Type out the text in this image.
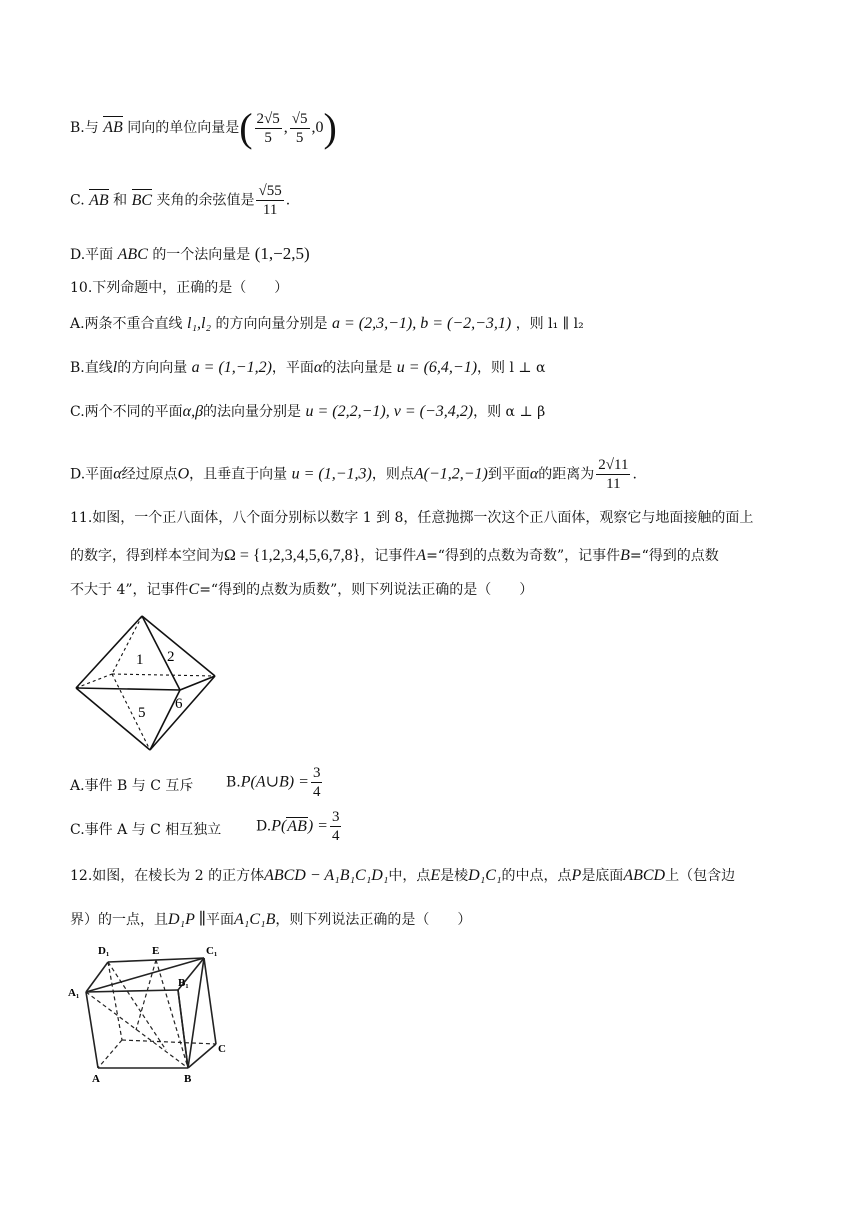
B.与 AB 同向的单位向量是( $\frac{2√5}{5}$ , $\frac{√5}{5} ,0$)
C. AB 和 BC 夹角的余弦值是 $\frac{√55}{11}$ .
D.平面 ABC 的一个法向量是 (1,−2,5)
10.下列命题中，正确的是（　　）
A.两条不重合直线 l₁,l₂ 的方向向量分别是 a = (2,3,−1), b = (−2,−3,1) ，则 l₁ ∥ l₂
B.直线l的方向向量 a = (1,−1,2)，平面α的法向量是 u = (6,4,−1)，则 l ⊥ α
C.两个不同的平面α,β的法向量分别是 u = (2,2,−1), v = (−3,4,2)，则 α ⊥ β
D.平面α经过原点O，且垂直于向量 u = (1,−1,3)，则点A(−1,2,−1)到平面α的距离为 $\frac{2√11}{11}$ .
11.如图，一个正八面体，八个面分别标以数字 1 到 8，任意抛掷一次这个正八面体，观察它与地面接触的面上
的数字，得到样本空间为Ω = {1,2,3,4,5,6,7,8}，记事件A=“得到的点数为奇数”，记事件B=“得到的点数
不大于 4”，记事件C=“得到的点数为质数”，则下列说法正确的是（　　）
1 2
5
6
A.事件 B 与 C 互斥 B.P(A∪B) = $\frac{3}{4}$
C.事件 A 与 C 相互独立 $D.P(AB) = \frac{3}{4}$
12.如图，在棱长为 2 的正方体ABCD − A₁B₁C₁D₁中，点E是棱D₁C₁的中点，点P是底面ABCD上（包含边
界）的一点，且D₁P ∥平面A₁C₁B，则下列说法正确的是（　　）
D₁	E	C₁
A₁
B₁
C
A	B
